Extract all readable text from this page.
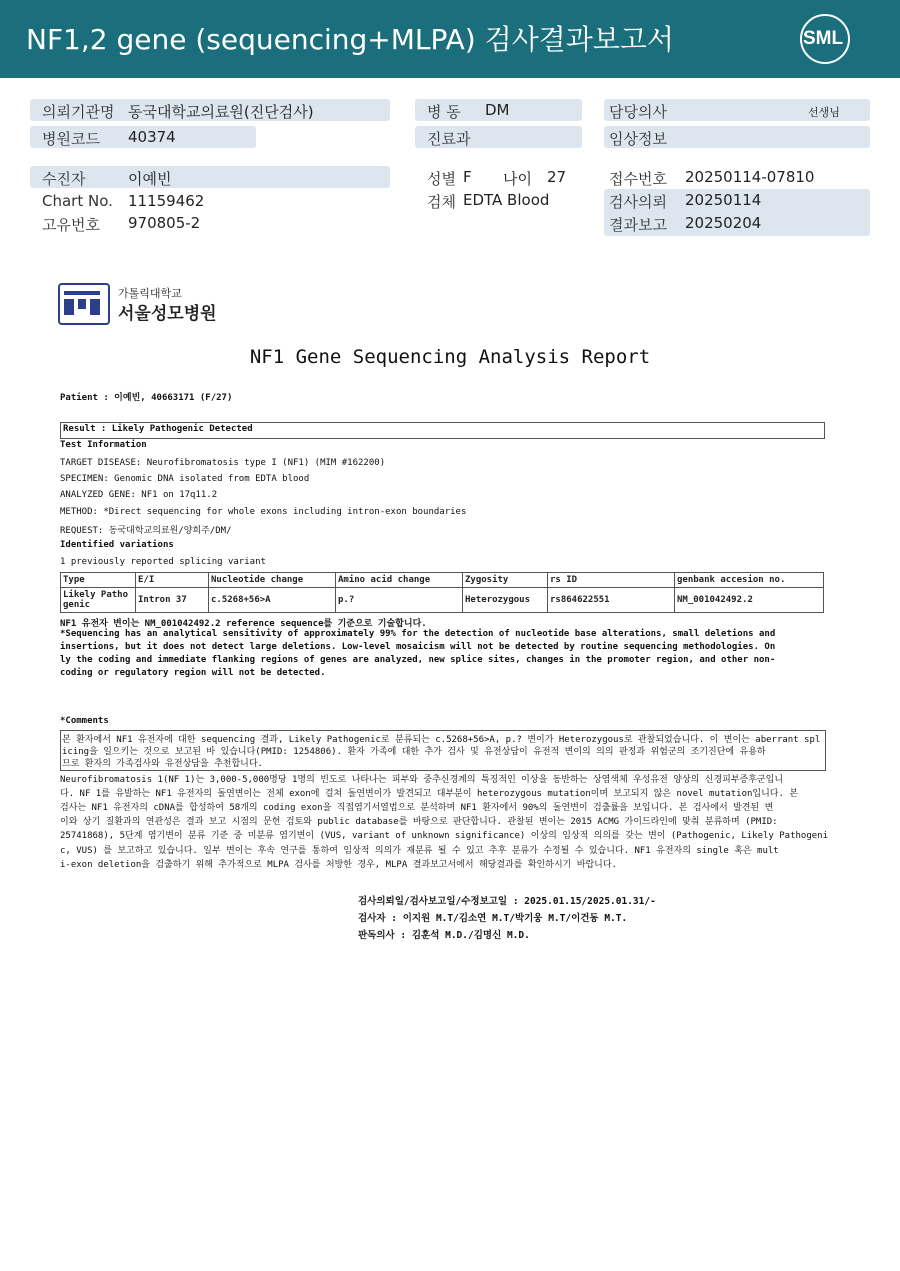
NF1,2 gene (sequencing+MLPA) 검사결과보고서	SML
의뢰기관명 동국대학교의료원(진단검사)
병원코드 40374
병 동 DM
진료과
담당의사	선생님
임상정보
수진자	이예빈
Chart No. 11159462
고유번호 970805-2
성별 F 나이 27
검체 EDTA Blood
접수번호 20250114-07810
검사의뢰 20250114
결과보고 20250204
가톨릭대학교
서울성모병원
NF1 Gene Sequencing Analysis Report
Patient : 이예빈, 40663171 (F/27)
Result : Likely Pathogenic Detected
Test Information
TARGET DISEASE: Neurofibromatosis type I (NF1) (MIM #162200)
SPECIMEN: Genomic DNA isolated from EDTA blood
ANALYZED GENE: NF1 on 17q11.2
METHOD: *Direct sequencing for whole exons including intron-exon boundaries
REQUEST: 동국대학교의료원/양희주/DM/
Identified variations
1 previously reported splicing variant
Type	E/I	Nucleotide change	Amino acid change	Zygosity	rs ID	genbank accesion no.
Likely Patho genic	Intron 37	c.5268+56>A	p.?	Heterozygous	rs864622551	NM_001042492.2
NF1 유전자 변이는 NM_001042492.2 reference sequence를 기준으로 기술합니다.
*Sequencing has an analytical sensitivity of approximately 99% for the detection of nucleotide base alterations, small deletions and
insertions, but it does not detect large deletions. Low-level mosaicism will not be detected by routine sequencing methodologies. On
ly the coding and immediate flanking regions of genes are analyzed, new splice sites, changes in the promoter region, and other non-
coding or regulatory region will not be detected.
*Comments
본 환자에서 NF1 유전자에 대한 sequencing 결과, Likely Pathogenic로 분류되는 c.5268+56>A, p.? 변이가 Heterozygous로 관찰되었습니다. 이 변이는 aberrant spl
icing을 일으키는 것으로 보고된 바 있습니다(PMID: 1254806). 환자 가족에 대한 추가 검사 및 유전상담이 유전적 변이의 의의 판정과 위험군의 조기진단에 유용하
므로 환자의 가족검사와 유전상담을 추천합니다.
Neurofibromatosis 1(NF 1)는 3,000-5,000명당 1명의 빈도로 나타나는 피부와 중추신경계의 특징적인 이상을 동반하는 상염색체 우성유전 양상의 신경피부증후군입니
다. NF 1를 유발하는 NF1 유전자의 돌연변이는 전체 exon에 걸쳐 돌연변이가 발견되고 대부분이 heterozygous mutation이며 보고되지 않은 novel mutation입니다. 본
검사는 NF1 유전자의 cDNA를 합성하여 58개의 coding exon을 직접염기서열법으로 분석하며 NF1 환자에서 90%의 돌연변이 검출률을 보입니다. 본 검사에서 발견된 변
이와 상기 질환과의 연관성은 결과 보고 시점의 문헌 검토와 public database를 바탕으로 판단합니다. 관찰된 변이는 2015 ACMG 가이드라인에 맞춰 분류하며 (PMID:
25741868), 5단계 염기변이 분류 기준 중 미분류 염기변이 (VUS, variant of unknown significance) 이상의 임상적 의의를 갖는 변이 (Pathogenic, Likely Pathogeni
c, VUS) 를 보고하고 있습니다. 일부 변이는 후속 연구를 통하여 임상적 의의가 재분류 될 수 있고 추후 분류가 수정될 수 있습니다. NF1 유전자의 single 혹은 mult
i-exon deletion을 검출하기 위해 추가적으로 MLPA 검사를 처방한 경우, MLPA 결과보고서에서 해당결과를 확인하시기 바랍니다.
검사의뢰일/검사보고일/수정보고일 : 2025.01.15/2025.01.31/-
검사자 : 이지원 M.T/김소연 M.T/박기웅 M.T/이건동 M.T.
판독의사 : 김훈석 M.D./김명신 M.D.
